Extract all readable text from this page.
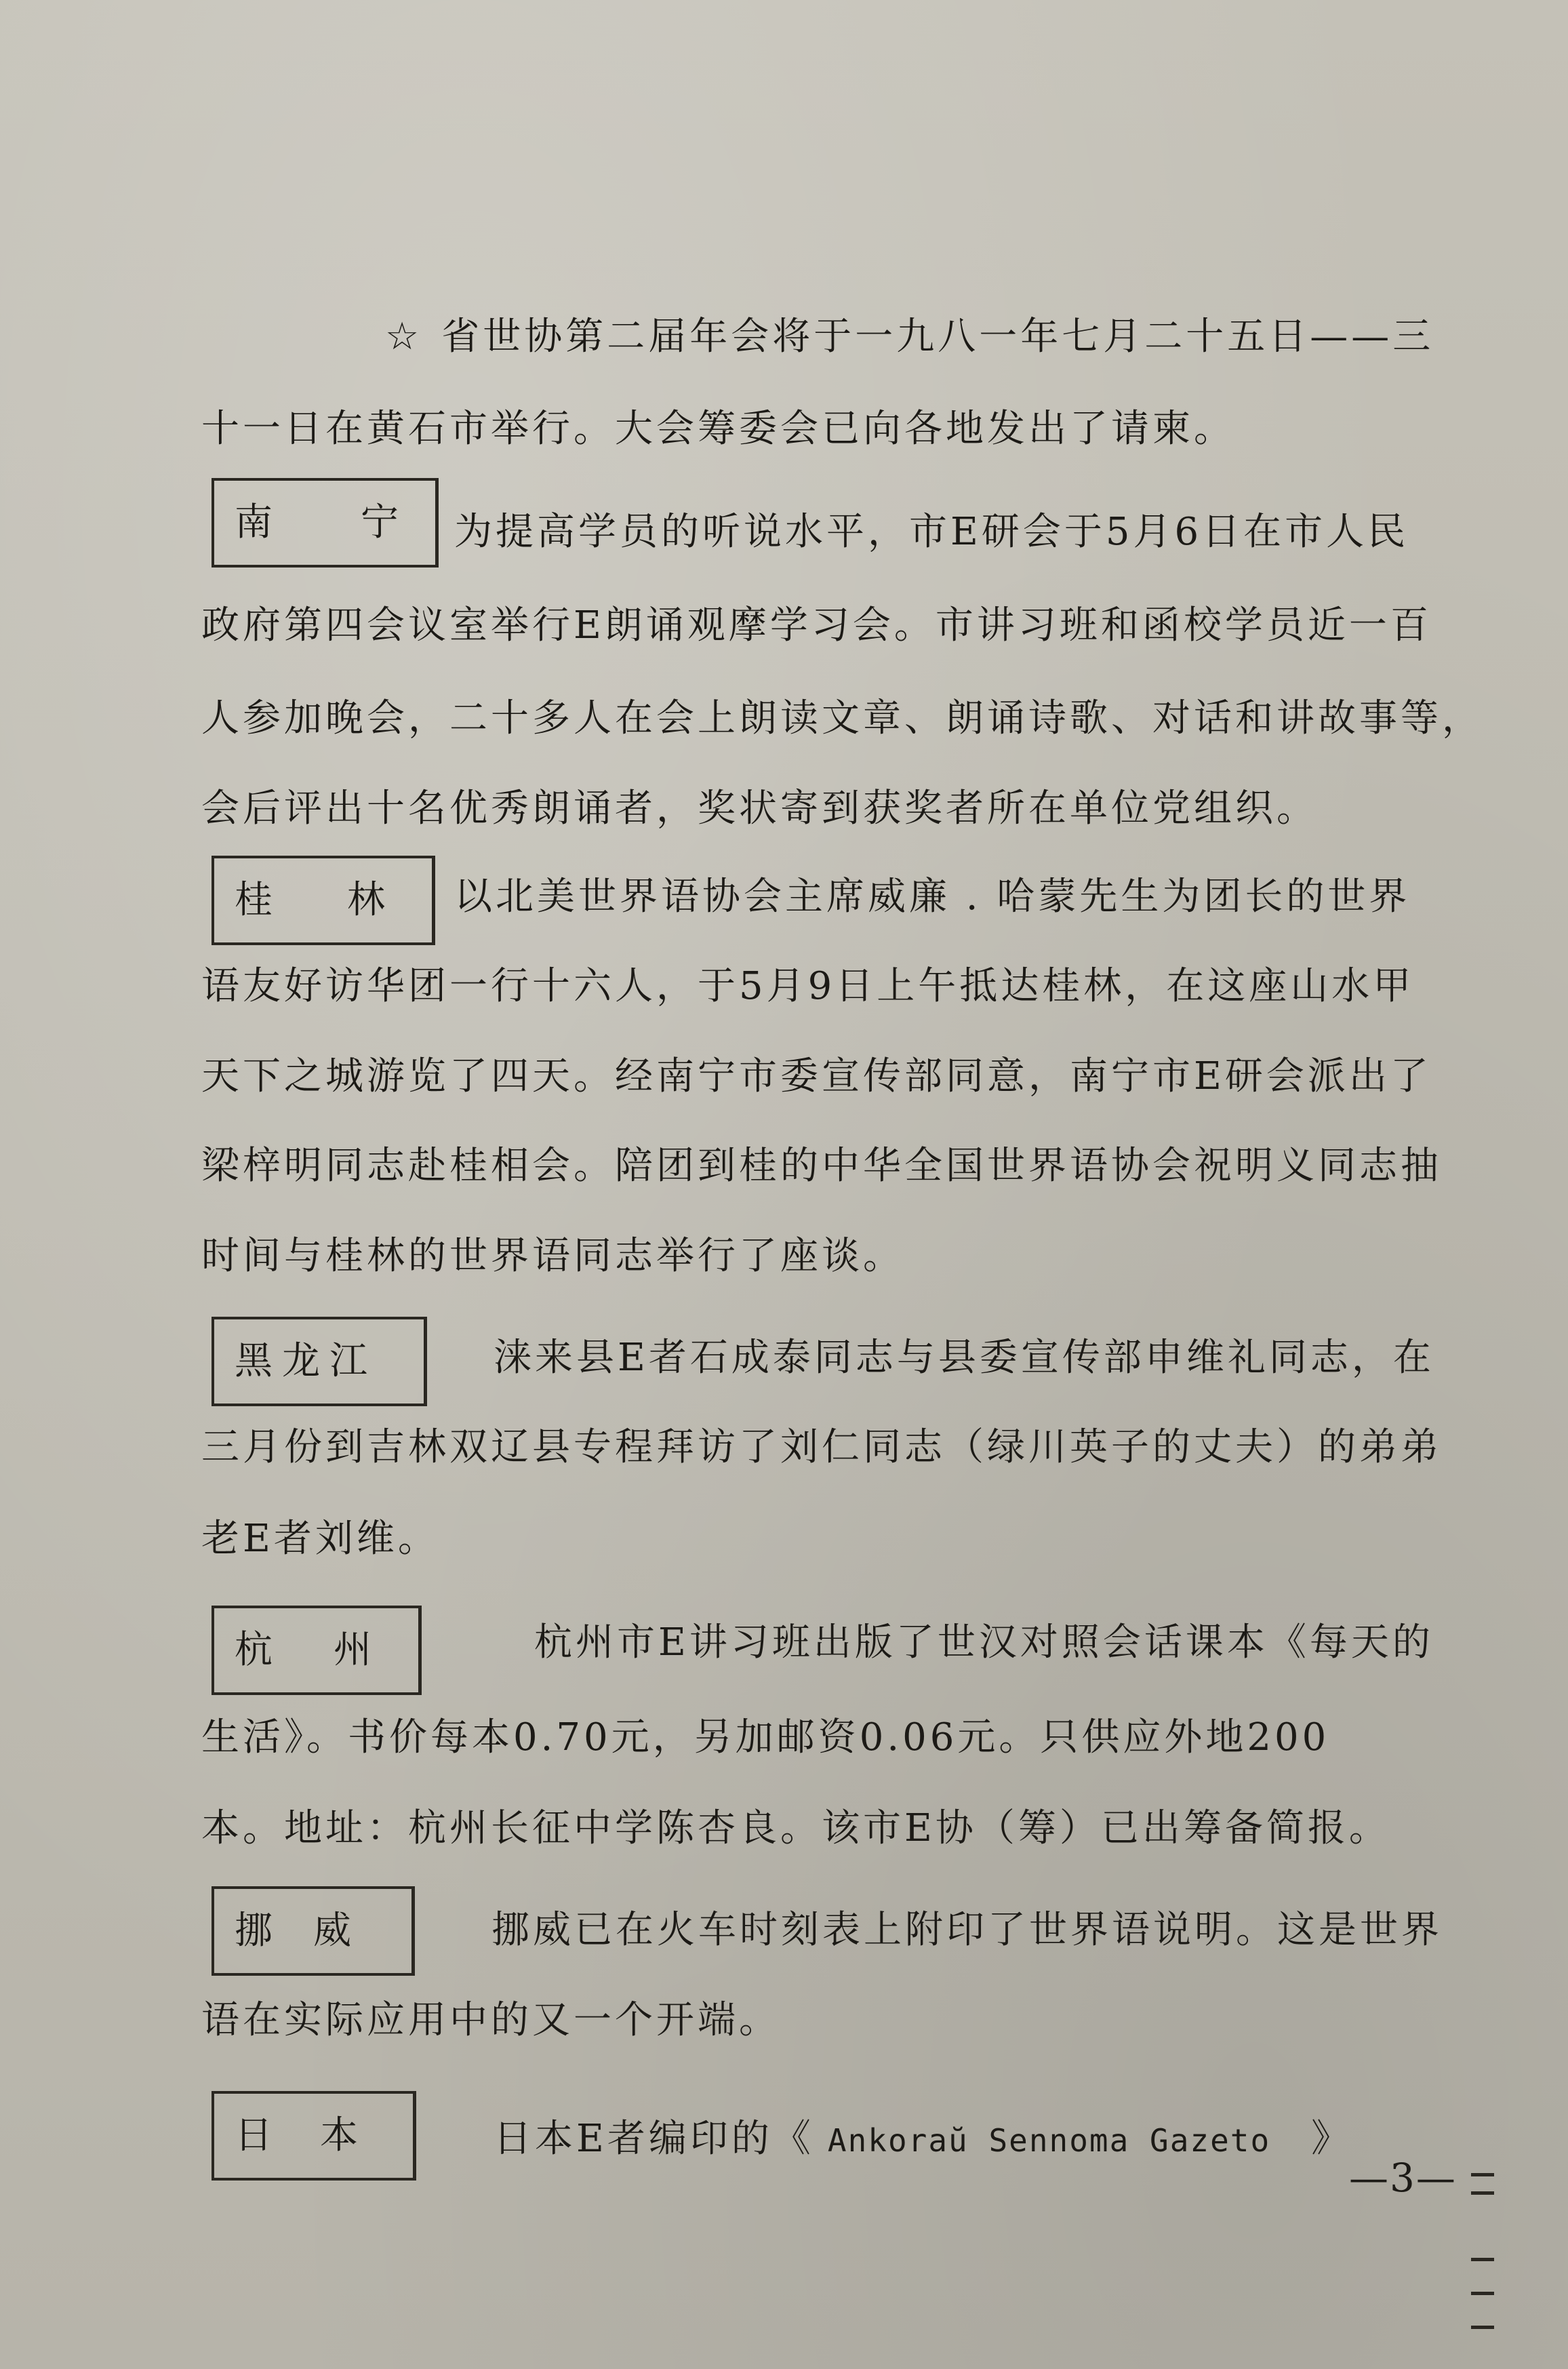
☆ 省世协第二届年会将于一九八一年七月二十五日——三
十一日在黄石市举行。大会筹委会已向各地发出了请柬。
南 宁	为提高学员的听说水平，市E研会于5月6日在市人民
政府第四会议室举行E朗诵观摩学习会。市讲习班和函校学员近一百
人参加晚会，二十多人在会上朗读文章、朗诵诗歌、对话和讲故事等，
会后评出十名优秀朗诵者，奖状寄到获奖者所在单位党组织。
桂 林	以北美世界语协会主席威廉 . 哈蒙先生为团长的世界
语友好访华团一行十六人，于5月9日上午抵达桂林，在这座山水甲
天下之城游览了四天。经南宁市委宣传部同意，南宁市E研会派出了
梁梓明同志赴桂相会。陪团到桂的中华全国世界语协会祝明义同志抽
时间与桂林的世界语同志举行了座谈。
黑 龙 江	涞来县E者石成泰同志与县委宣传部申维礼同志，在
三月份到吉林双辽县专程拜访了刘仁同志（绿川英子的丈夫）的弟弟
老E者刘维。
杭 州	杭州市E讲习班出版了世汉对照会话课本《每天的
生活》。书价每本0.70元，另加邮资0.06元。只供应外地200
本。地址：杭州长征中学陈杏良。该市E协（筹）已出筹备简报。
挪 威	挪威已在火车时刻表上附印了世界语说明。这是世界
语在实际应用中的又一个开端。
日 本	日本E者编印的《 Ankoraŭ Sennoma Gazeto 》
—3—
